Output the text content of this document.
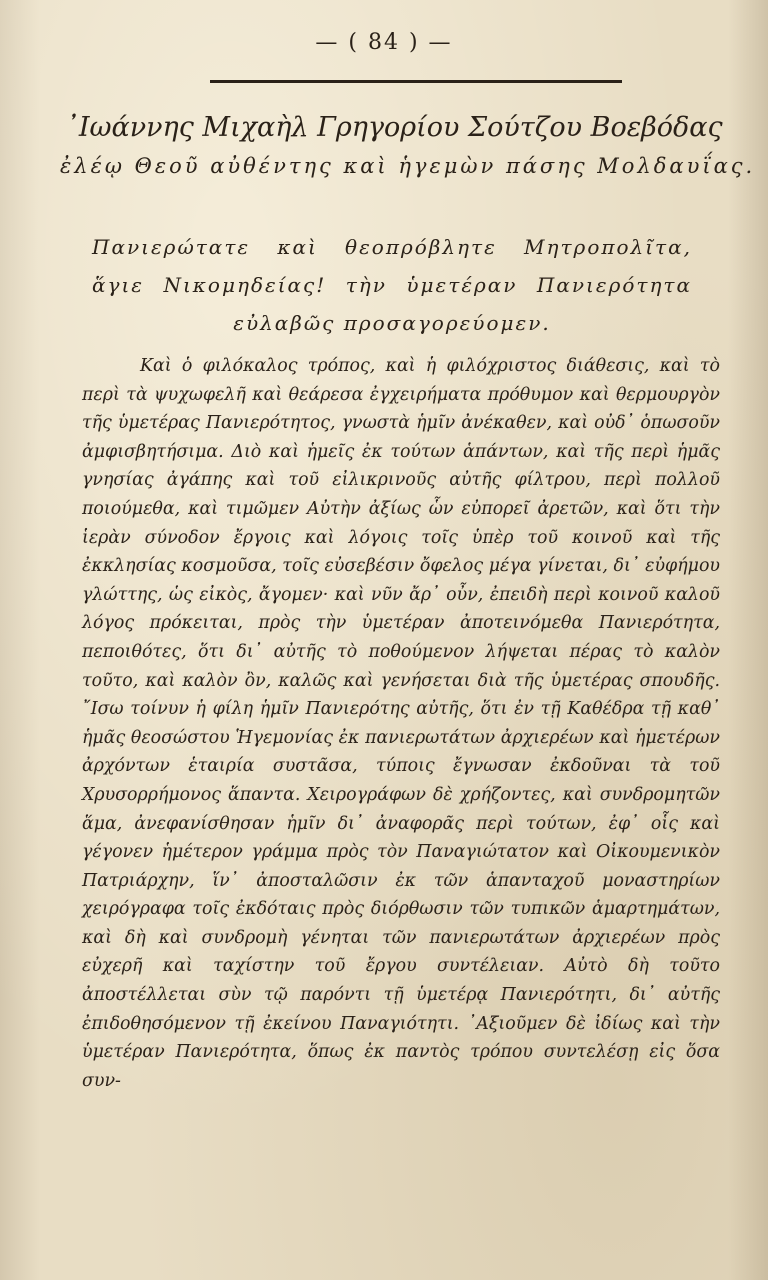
— ( 84 ) —
᾿Ιωάννης Μιχαὴλ Γρηγορίου Σούτζου Βοεβόδας
ἐλέῳ Θεοῦ αὐθέντης καὶ ἡγεμὼν πάσης Μολδαυΐας.
Πανιερώτατε καὶ θεοπρόβλητε Μητροπολῖτα, ἅγιε Νικομηδείας! τὴν ὑμετέραν Πανιερότητα εὐλαβῶς προσαγορεύομεν.
Καὶ ὁ φιλόκαλος τρόπος, καὶ ἡ φιλόχριστος διάθεσις, καὶ τὸ περὶ τὰ ψυχωφελῆ καὶ θεάρεσα ἐγχειρήματα πρόθυμον καὶ θερμουργὸν τῆς ὑμετέρας Πανιερότητος, γνωστὰ ἡμῖν ἀνέκαθεν, καὶ οὐδ᾿ ὁπωσοῦν ἀμφισβητήσιμα. Διὸ καὶ ἡμεῖς ἐκ τούτων ἁπάντων, καὶ τῆς περὶ ἡμᾶς γνησίας ἀγάπης καὶ τοῦ εἰλικρινοῦς αὐτῆς φίλτρου, περὶ πολλοῦ ποιούμεθα, καὶ τιμῶμεν Αὐτὴν ἀξίως ὧν εὐπορεῖ ἀρετῶν, καὶ ὅτι τὴν ἱερὰν σύνοδον ἔργοις καὶ λόγοις τοῖς ὑπὲρ τοῦ κοινοῦ καὶ τῆς ἐκκλησίας κοσμοῦσα, τοῖς εὐσεβέσιν ὄφελος μέγα γίνεται, δι᾿ εὐφήμου γλώττης, ὡς εἰκὸς, ἄγομεν· καὶ νῦν ἄρ᾿ οὖν, ἐπειδὴ περὶ κοινοῦ καλοῦ λόγος πρόκειται, πρὸς τὴν ὑμετέραν ἀποτεινόμεθα Πανιερότητα, πεποιθότες, ὅτι δι᾿ αὐτῆς τὸ ποθούμενον λήψεται πέρας τὸ καλὸν τοῦτο, καὶ καλὸν ὂν, καλῶς καὶ γενήσεται διὰ τῆς ὑμετέρας σπουδῆς. ῎Ισω τοίνυν ἡ φίλη ἡμῖν Πανιερότης αὐτῆς, ὅτι ἐν τῇ Καθέδρα τῇ καθ᾿ ἡμᾶς θεοσώστου Ἡγεμονίας ἐκ πανιερωτάτων ἀρχιερέων καὶ ἡμετέρων ἀρχόντων ἑταιρία συστᾶσα, τύποις ἔγνωσαν ἐκδοῦναι τὰ τοῦ Χρυσορρήμονος ἅπαντα. Χειρογράφων δὲ χρήζοντες, καὶ συνδρομητῶν ἅμα, ἀνεφανίσθησαν ἡμῖν δι᾿ ἀναφορᾶς περὶ τούτων, ἐφ᾿ οἷς καὶ γέγονεν ἡμέτερον γράμμα πρὸς τὸν Παναγιώτατον καὶ Οἰκουμενικὸν Πατριάρχην, ἵν᾿ ἀποσταλῶσιν ἐκ τῶν ἁπανταχοῦ μοναστηρίων χειρόγραφα τοῖς ἐκδόταις πρὸς διόρθωσιν τῶν τυπικῶν ἁμαρτημάτων, καὶ δὴ καὶ συνδρομὴ γένηται τῶν πανιερωτάτων ἀρχιερέων πρὸς εὐχερῆ καὶ ταχίστην τοῦ ἔργου συντέλειαν. Αὐτὸ δὴ τοῦτο ἀποστέλλεται σὺν τῷ παρόντι τῇ ὑμετέρᾳ Πανιερότητι, δι᾿ αὐτῆς ἐπιδοθησόμενον τῇ ἐκείνου Παναγιότητι. ᾿Αξιοῦμεν δὲ ἰδίως καὶ τὴν ὑμετέραν Πανιερότητα, ὅπως ἐκ παντὸς τρόπου συντελέσῃ εἰς ὅσα συν-
